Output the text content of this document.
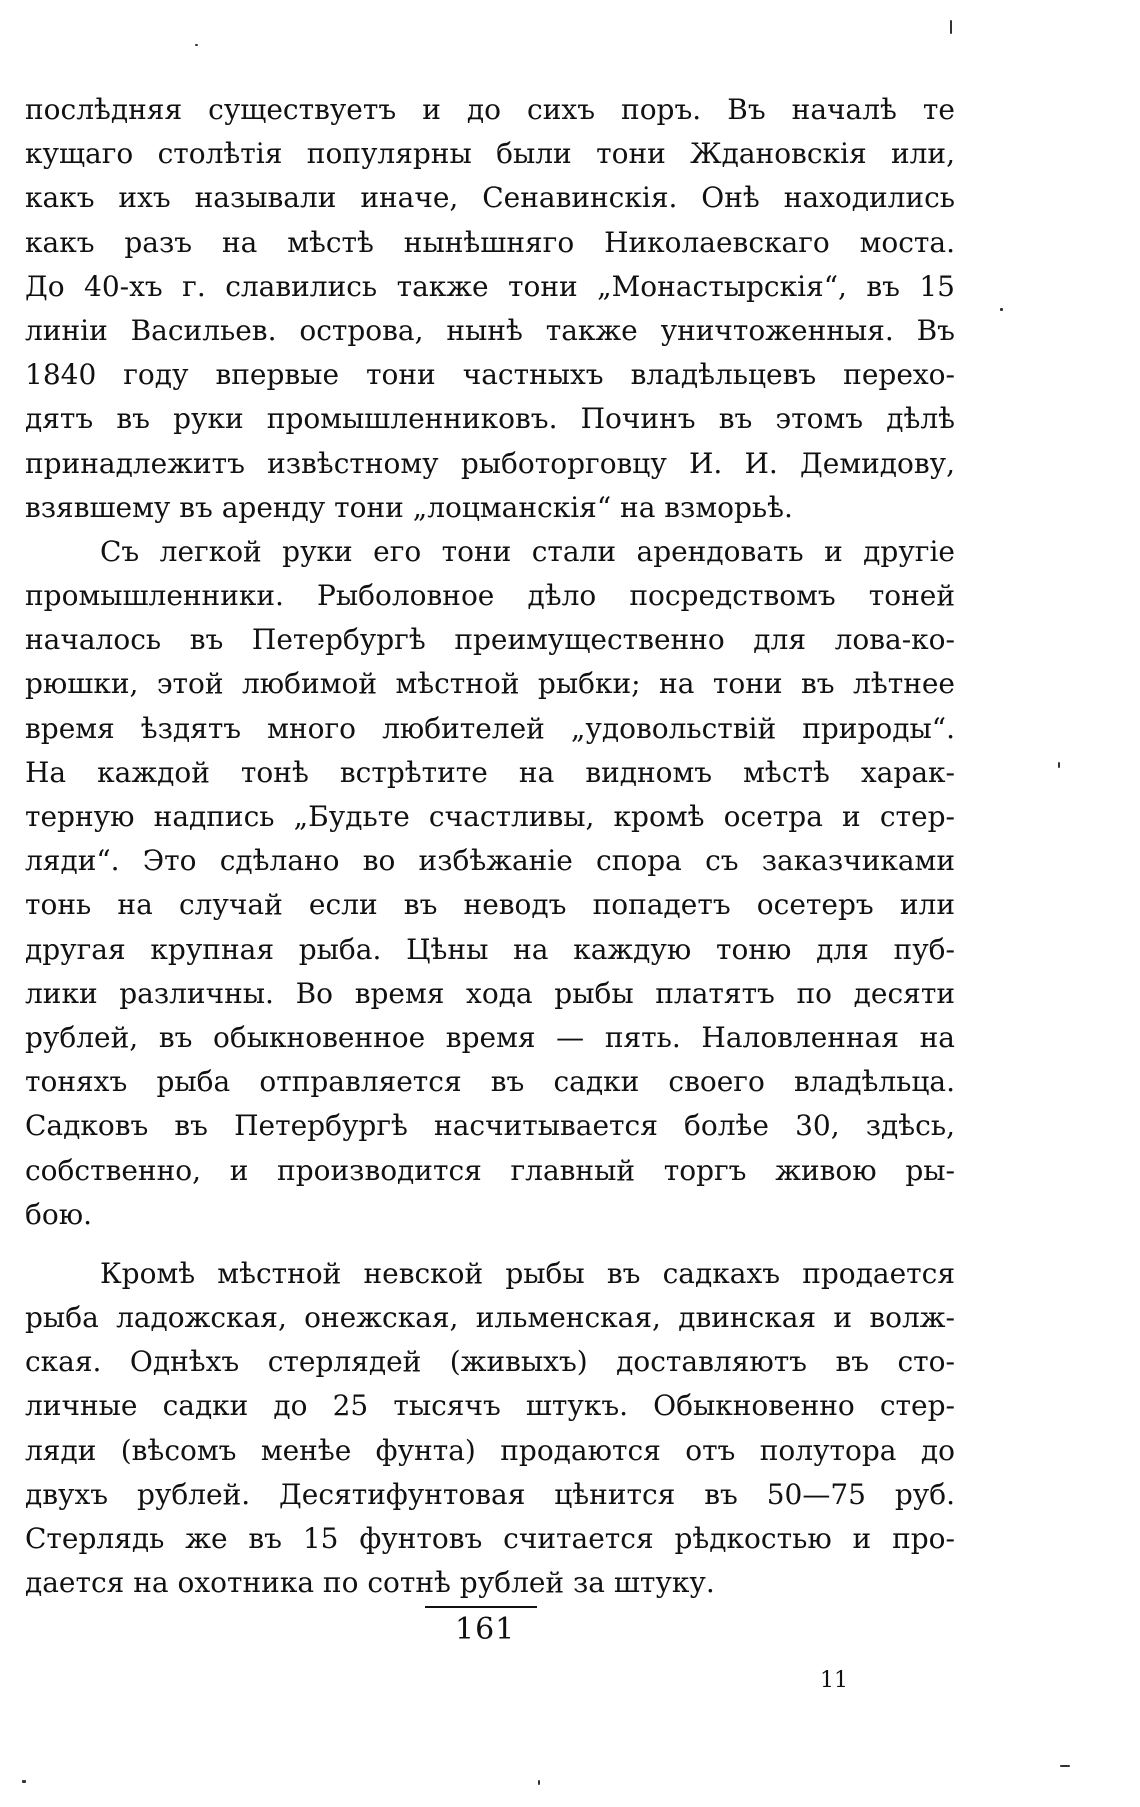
послѣдняя существуетъ и до сихъ поръ. Въ началѣ те
кущаго столѣтія популярны были тони Ждановскія или,
какъ ихъ называли иначе, Сенавинскія. Онѣ находились
какъ разъ на мѣстѣ нынѣшняго Николаевскаго моста.
До 40-хъ г. славились также тони „Монастырскія“, въ 15
линіи Васильев. острова, нынѣ также уничтоженныя. Въ
1840 году впервые тони частныхъ владѣльцевъ перехо-
дятъ въ руки промышленниковъ. Починъ въ этомъ дѣлѣ
принадлежитъ извѣстному рыботорговцу И. И. Демидову,
взявшему въ аренду тони „лоцманскія“ на взморьѣ.
Съ легкой руки его тони стали арендовать и другіе
промышленники. Рыболовное дѣло посредствомъ тоней
началось въ Петербургѣ преимущественно для лова-ко-
рюшки, этой любимой мѣстной рыбки; на тони въ лѣтнее
время ѣздятъ много любителей „удовольствій природы“.
На каждой тонѣ встрѣтите на видномъ мѣстѣ харак-
терную надпись „Будьте счастливы, кромѣ осетра и стер-
ляди“. Это сдѣлано во избѣжаніе спора съ заказчиками
тонь на случай если въ неводъ попадетъ осетеръ или
другая крупная рыба. Цѣны на каждую тоню для пуб-
лики различны. Во время хода рыбы платятъ по десяти
рублей, въ обыкновенное время — пять. Наловленная на
тоняхъ рыба отправляется въ садки своего владѣльца.
Садковъ въ Петербургѣ насчитывается болѣе 30, здѣсь,
собственно, и производится главный торгъ живою ры-
бою.
Кромѣ мѣстной невской рыбы въ садкахъ продается
рыба ладожская, онежская, ильменская, двинская и волж-
ская. Однѣхъ стерлядей (живыхъ) доставляютъ въ сто-
личные садки до 25 тысячъ штукъ. Обыкновенно стер-
ляди (вѣсомъ менѣе фунта) продаются отъ полутора до
двухъ рублей. Десятифунтовая цѣнится въ 50—75 руб.
Стерлядь же въ 15 фунтовъ считается рѣдкостью и про-
дается на охотника по сотнѣ рублей за штуку.
161
11
